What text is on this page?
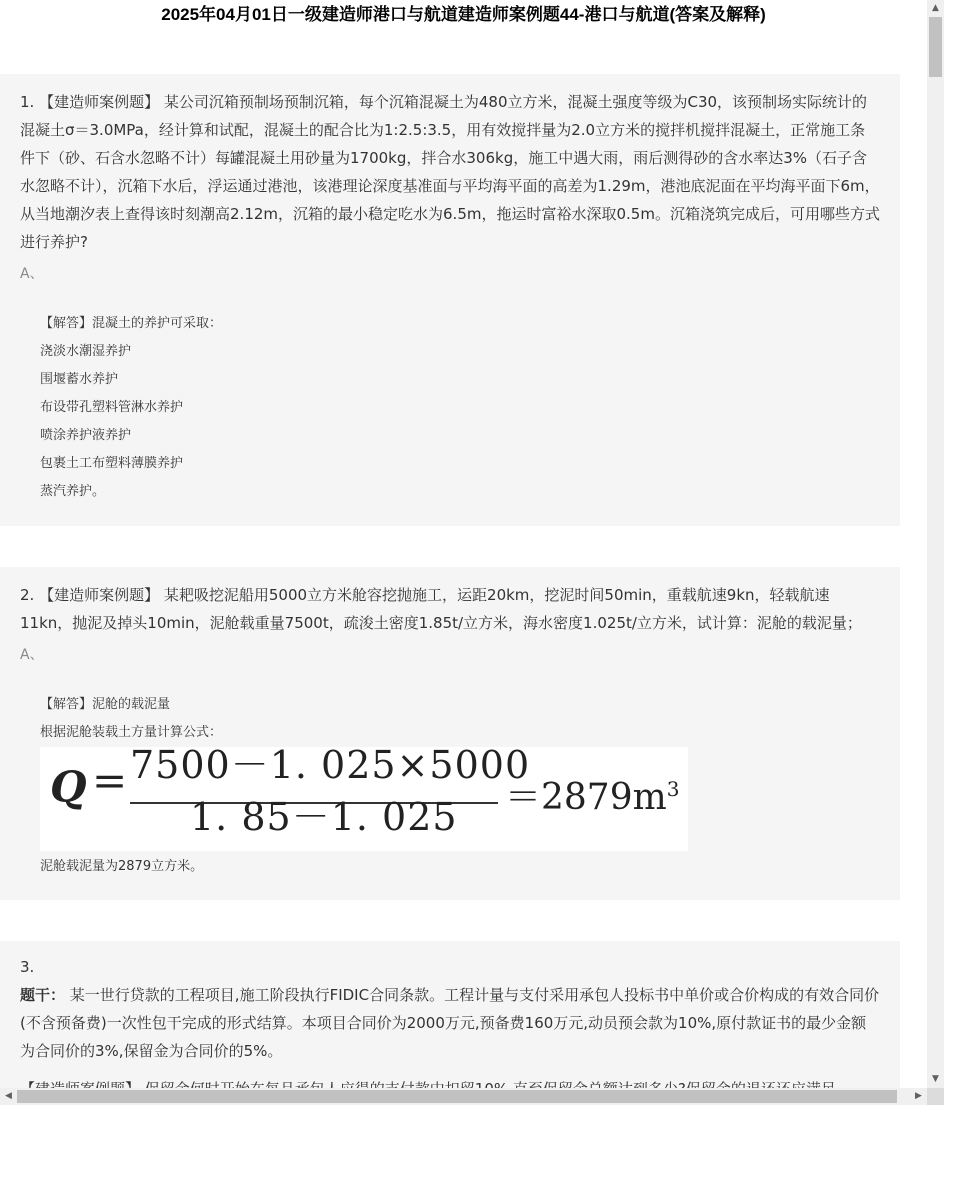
2025年04月01日一级建造师港口与航道建造师案例题44-港口与航道(答案及解释)

1. 【建造师案例题】 某公司沉箱预制场预制沉箱，每个沉箱混凝土为480立方米，混凝土强度等级为C30，该预制场实际统计的混凝土σ＝3.0MPa，经计算和试配，混凝土的配合比为1:2.5:3.5，用有效搅拌量为2.0立方米的搅拌机搅拌混凝土，正常施工条件下（砂、石含水忽略不计）每罐混凝土用砂量为1700kg，拌合水306kg，施工中遇大雨，雨后测得砂的含水率达3%（石子含水忽略不计），沉箱下水后，浮运通过港池，该港理论深度基准面与平均海平面的高差为1.29m，港池底泥面在平均海平面下6m，从当地潮汐表上查得该时刻潮高2.12m，沉箱的最小稳定吃水为6.5m，拖运时富裕水深取0.5m。沉箱浇筑完成后，可用哪些方式进行养护?

A、

【解答】混凝土的养护可采取：

浇淡水潮湿养护

围堰蓄水养护

布设带孔塑料管淋水养护

喷涂养护液养护

包裹土工布塑料薄膜养护

蒸汽养护。

2. 【建造师案例题】 某耙吸挖泥船用5000立方米舱容挖抛施工，运距20km，挖泥时间50min，重载航速9kn，轻载航速11kn，抛泥及掉头10min，泥舱载重量7500t，疏浚土密度1.85t/立方米，海水密度1.025t/立方米，试计算：泥舱的载泥量；

A、

【解答】泥舱的载泥量

根据泥舱装载土方量计算公式：

Q = 7500－1. 025×5000
1. 85－1. $025 =2879m^3$

泥舱载泥量为2879立方米。

3.

题干： 某一世行贷款的工程项目,施工阶段执行FIDIC合同条款。工程计量与支付采用承包人投标书中单价或合价构成的有效合同价(不含预备费)一次性包干完成的形式结算。本项目合同价为2000万元,预备费160万元,动员预会款为10%,原付款证书的最少金额为合同价的3%,保留金为合同价的5%。

▲
▼
◀	▶
